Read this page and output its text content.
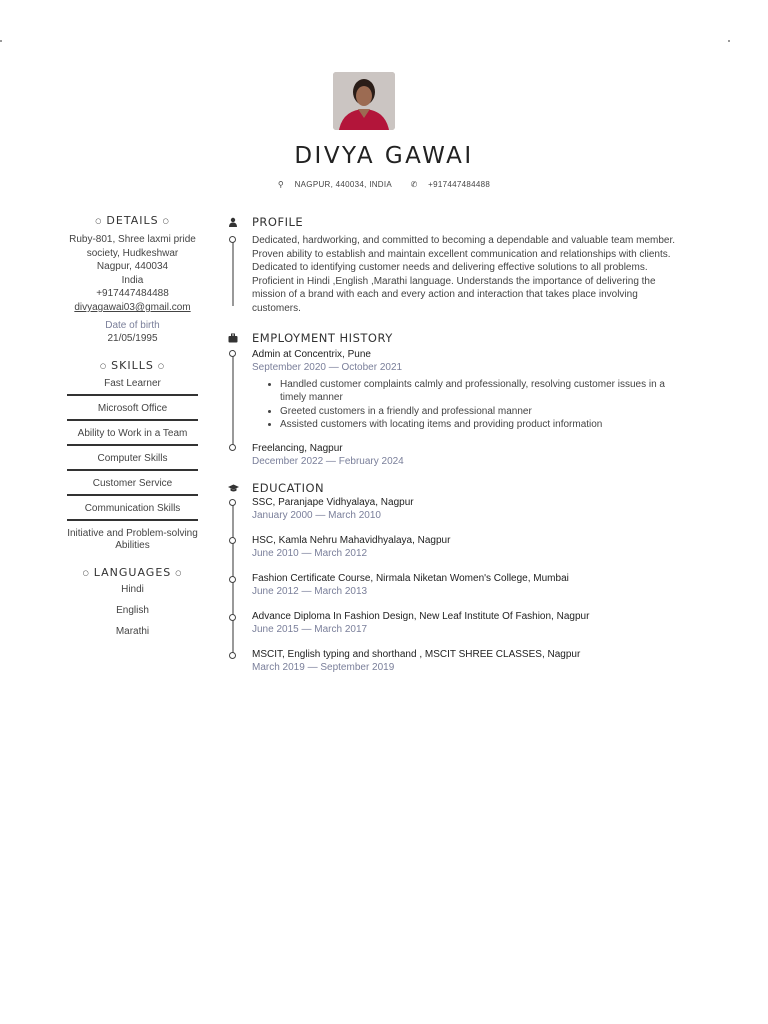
DIVYA GAWAI
⚲ NAGPUR, 440034, INDIA ✆ +917447484488
○ DETAILS ○
Ruby-801, Shree laxmi pride
society, Hudkeshwar
Nagpur, 440034
India
+917447484488
divyagawai03@gmail.com
Date of birth
21/05/1995
○ SKILLS ○
Fast Learner
Microsoft Office
Ability to Work in a Team
Computer Skills
Customer Service
Communication Skills
Initiative and Problem-solving Abilities
○ LANGUAGES ○
Hindi
English
Marathi
PROFILE
Dedicated, hardworking, and committed to becoming a dependable and valuable team member. Proven ability to establish and maintain excellent communication and relationships with clients. Dedicated to identifying customer needs and delivering effective solutions to all problems. Proficient in Hindi ,English ,Marathi language. Understands the importance of delivering the mission of a brand with each and every action and interaction that takes place involving customers.
EMPLOYMENT HISTORY
Admin at Concentrix, Pune
September 2020 — October 2021
• Handled customer complaints calmly and professionally, resolving customer issues in a timely manner
• Greeted customers in a friendly and professional manner
• Assisted customers with locating items and providing product information
Freelancing, Nagpur
December 2022 — February 2024
EDUCATION
SSC, Paranjape Vidhyalaya, Nagpur
January 2000 — March 2010
HSC, Kamla Nehru Mahavidhyalaya, Nagpur
June 2010 — March 2012
Fashion Certificate Course, Nirmala Niketan Women's College, Mumbai
June 2012 — March 2013
Advance Diploma In Fashion Design, New Leaf Institute Of Fashion, Nagpur
June 2015 — March 2017
MSCIT, English typing and shorthand , MSCIT SHREE CLASSES, Nagpur
March 2019 — September 2019
